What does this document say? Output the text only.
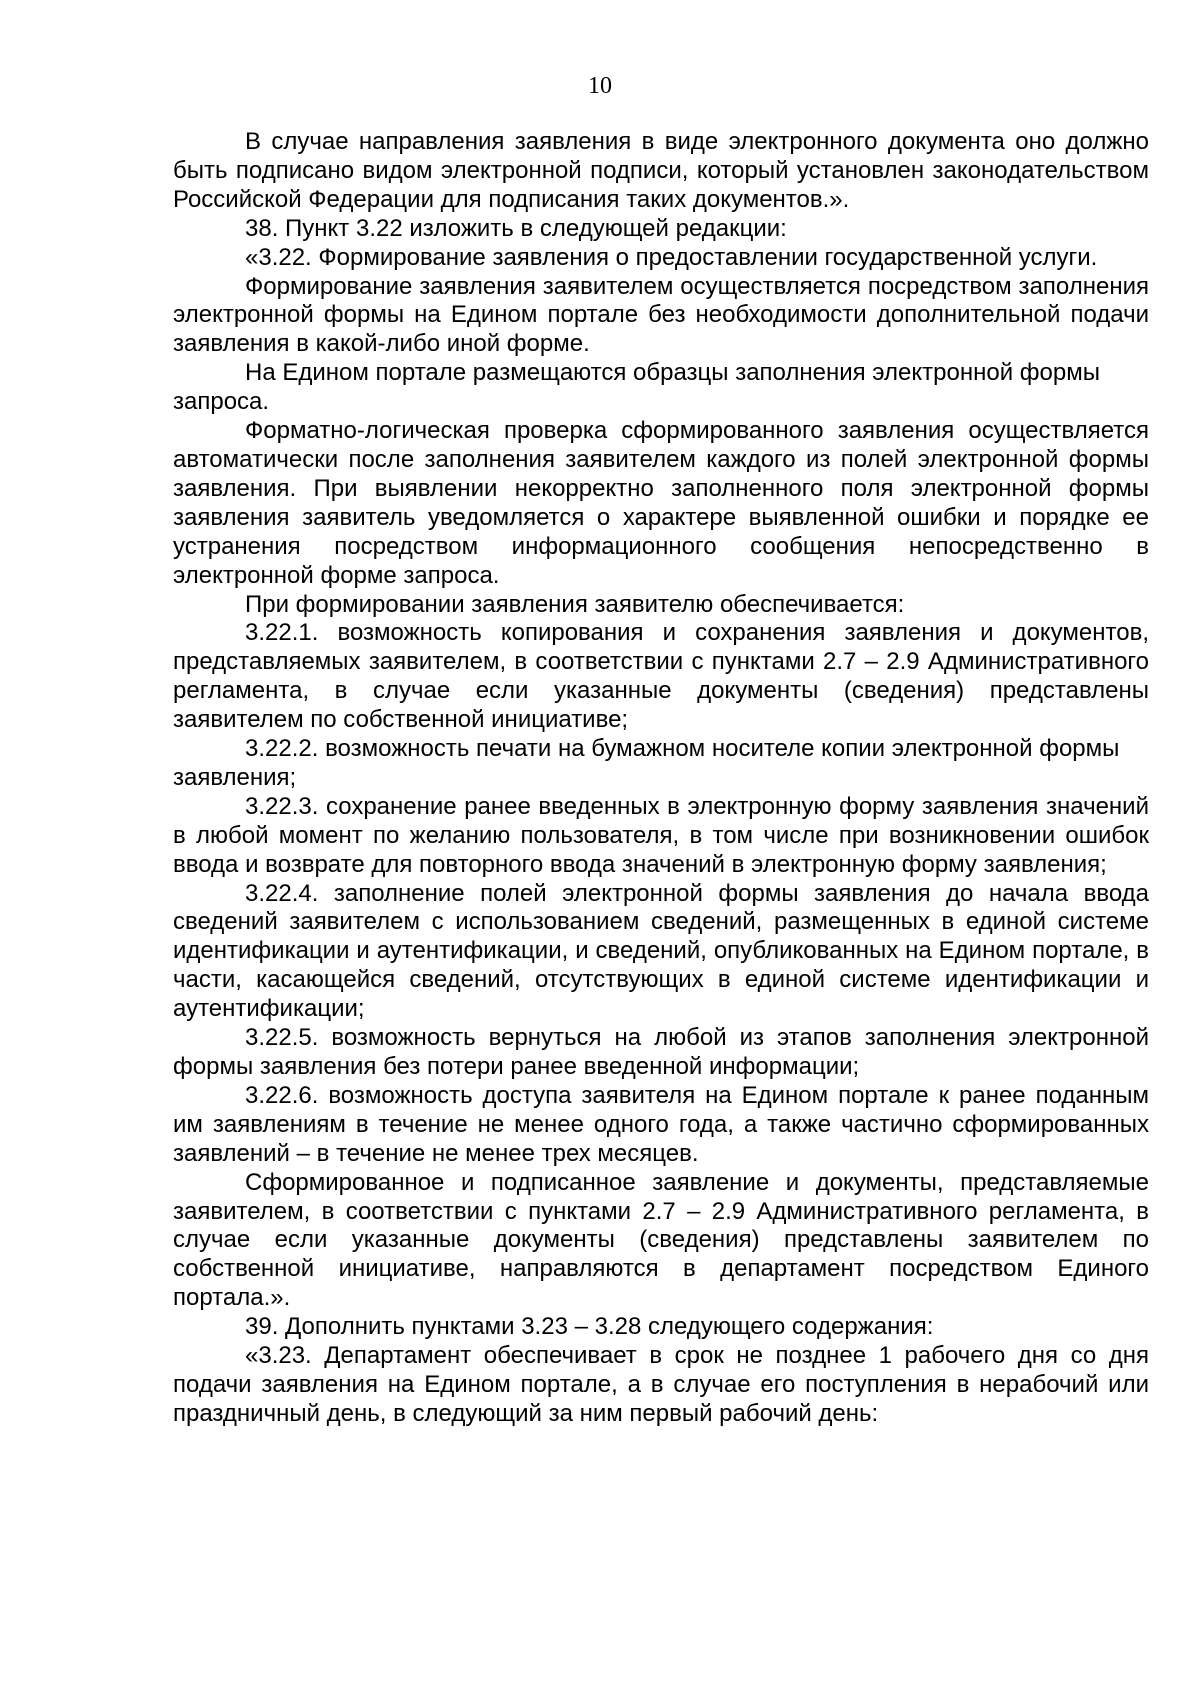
10

В случае направления заявления в виде электронного документа оно должно быть подписано видом электронной подписи, который установлен законодательством Российской Федерации для подписания таких документов.».

38. Пункт 3.22 изложить в следующей редакции:

«3.22. Формирование заявления о предоставлении государственной услуги.

Формирование заявления заявителем осуществляется посредством заполнения электронной формы на Едином портале без необходимости дополнительной подачи заявления в какой-либо иной форме.

На Едином портале размещаются образцы заполнения электронной формы запроса.

Форматно-логическая проверка сформированного заявления осуществляется автоматически после заполнения заявителем каждого из полей электронной формы заявления. При выявлении некорректно заполненного поля электронной формы заявления заявитель уведомляется о характере выявленной ошибки и порядке ее устранения посредством информационного сообщения непосредственно в электронной форме запроса.

При формировании заявления заявителю обеспечивается:

3.22.1. возможность копирования и сохранения заявления и документов, представляемых заявителем, в соответствии с пунктами 2.7 – 2.9 Административного регламента, в случае если указанные документы (сведения) представлены заявителем по собственной инициативе;

3.22.2. возможность печати на бумажном носителе копии электронной формы заявления;

3.22.3. сохранение ранее введенных в электронную форму заявления значений в любой момент по желанию пользователя, в том числе при возникновении ошибок ввода и возврате для повторного ввода значений в электронную форму заявления;

3.22.4. заполнение полей электронной формы заявления до начала ввода сведений заявителем с использованием сведений, размещенных в единой системе идентификации и аутентификации, и сведений, опубликованных на Едином портале, в части, касающейся сведений, отсутствующих в единой системе идентификации и аутентификации;

3.22.5. возможность вернуться на любой из этапов заполнения электронной формы заявления без потери ранее введенной информации;

3.22.6. возможность доступа заявителя на Едином портале к ранее поданным им заявлениям в течение не менее одного года, а также частично сформированных заявлений – в течение не менее трех месяцев.

Сформированное и подписанное заявление и документы, представляемые заявителем, в соответствии с пунктами 2.7 – 2.9 Административного регламента, в случае если указанные документы (сведения) представлены заявителем по собственной инициативе, направляются в департамент посредством Единого портала.».

39. Дополнить пунктами 3.23 – 3.28 следующего содержания:

«3.23. Департамент обеспечивает в срок не позднее 1 рабочего дня со дня подачи заявления на Едином портале, а в случае его поступления в нерабочий или праздничный день, в следующий за ним первый рабочий день:
